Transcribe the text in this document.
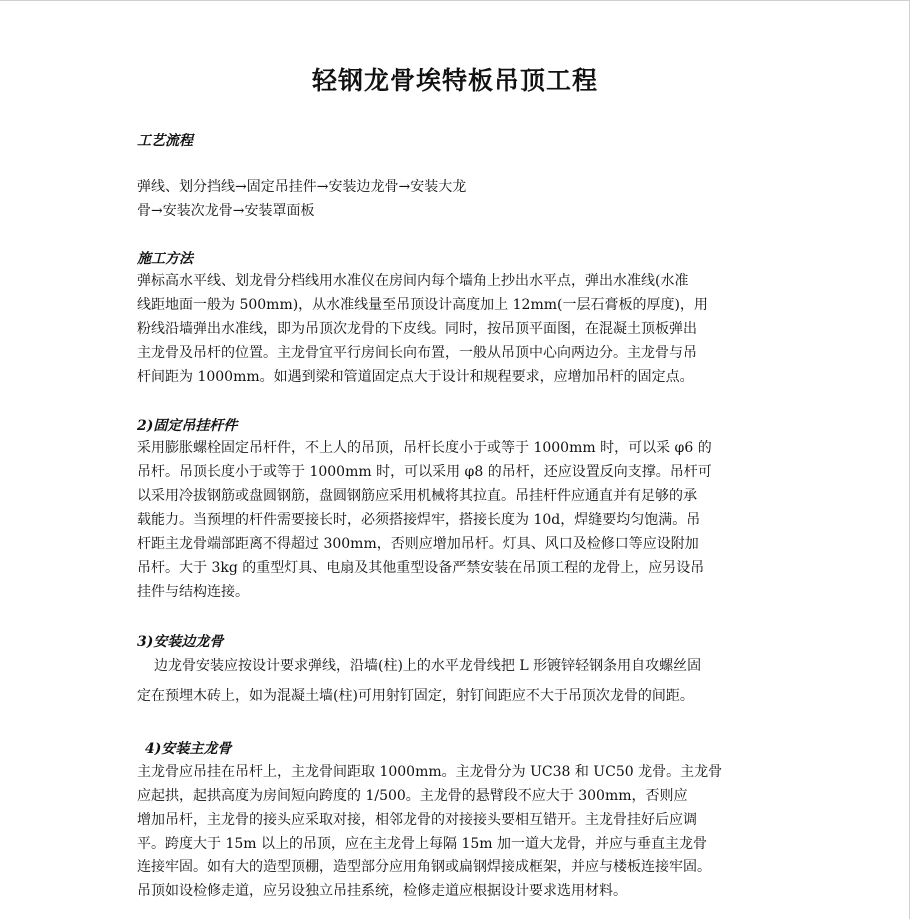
轻钢龙骨埃特板吊顶工程
工艺流程

弹线、划分挡线→固定吊挂件→安装边龙骨→安装大龙

骨→安装次龙骨→安装罩面板

施工方法

弹标高水平线、划龙骨分档线用水准仪在房间内每个墙角上抄出水平点，弹出水准线(水准

线距地面一般为 500mm)，从水准线量至吊顶设计高度加上 12mm(一层石膏板的厚度)，用

粉线沿墙弹出水准线，即为吊顶次龙骨的下皮线。同时，按吊顶平面图，在混凝土顶板弹出

主龙骨及吊杆的位置。主龙骨宜平行房间长向布置，一般从吊顶中心向两边分。主龙骨与吊

杆间距为 1000mm。如遇到梁和管道固定点大于设计和规程要求，应增加吊杆的固定点。

2)固定吊挂杆件

采用膨胀螺栓固定吊杆件，不上人的吊顶，吊杆长度小于或等于 1000mm 时，可以采 φ6 的

吊杆。吊顶长度小于或等于 1000mm 时，可以采用 φ8 的吊杆，还应设置反向支撑。吊杆可

以采用冷拔钢筋或盘圆钢筋，盘圆钢筋应采用机械将其拉直。吊挂杆件应通直并有足够的承

载能力。当预埋的杆件需要接长时，必须搭接焊牢，搭接长度为 10d，焊缝要均匀饱满。吊

杆距主龙骨端部距离不得超过 300mm，否则应增加吊杆。灯具、风口及检修口等应设附加

吊杆。大于 3kg 的重型灯具、电扇及其他重型设备严禁安装在吊顶工程的龙骨上，应另设吊

挂件与结构连接。

3)安装边龙骨

边龙骨安装应按设计要求弹线，沿墙(柱)上的水平龙骨线把 L 形镀锌轻钢条用自攻螺丝固

定在预埋木砖上，如为混凝土墙(柱)可用射钉固定，射钉间距应不大于吊顶次龙骨的间距。

4)安装主龙骨

主龙骨应吊挂在吊杆上，主龙骨间距取 1000mm。主龙骨分为 UC38 和 UC50 龙骨。主龙骨

应起拱，起拱高度为房间短向跨度的 1/500。主龙骨的悬臂段不应大于 300mm，否则应

增加吊杆，主龙骨的接头应采取对接，相邻龙骨的对接接头要相互错开。主龙骨挂好后应调

平。跨度大于 15m 以上的吊顶，应在主龙骨上每隔 15m 加一道大龙骨，并应与垂直主龙骨

连接牢固。如有大的造型顶棚，造型部分应用角钢或扁钢焊接成框架，并应与楼板连接牢固。

吊顶如设检修走道，应另设独立吊挂系统，检修走道应根据设计要求选用材料。
